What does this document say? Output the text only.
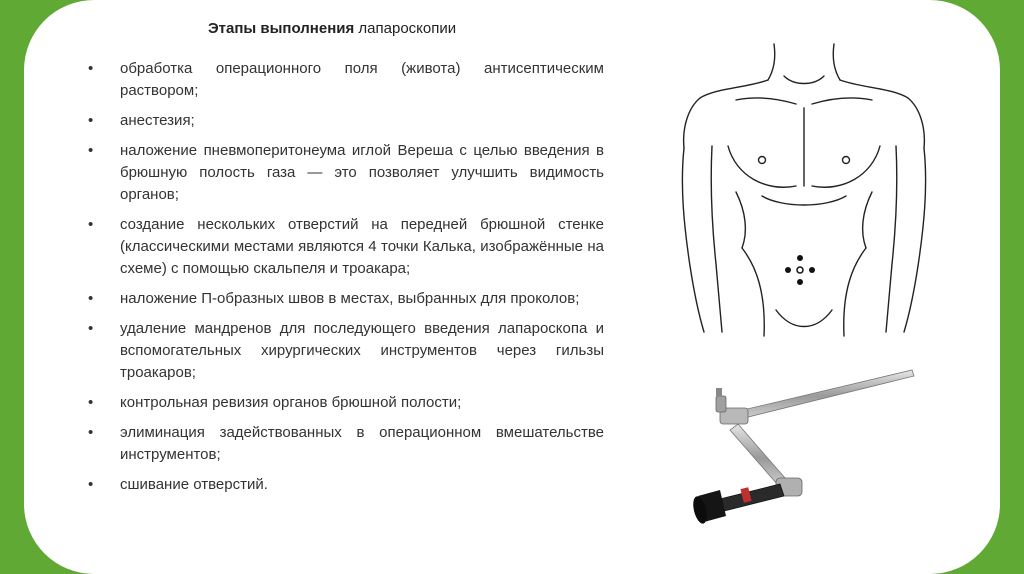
Этапы выполнения лапароскопии
•	обработка операционного поля (живота) антисептическим раствором;
•	анестезия;
•	наложение пневмоперитонеума иглой Вереша с целью введения в брюшную полость газа — это позволяет улучшить видимость органов;
•	создание нескольких отверстий на передней брюшной стенке (классическими местами являются 4 точки Калька, изображённые на схеме) с помощью скальпеля и троакара;
•	наложение П-образных швов в местах, выбранных для проколов;
•	удаление мандренов для последующего введения лапароскопа и вспомогательных хирургических инструментов через гильзы троакаров;
•	контрольная ревизия органов брюшной полости;
•	элиминация задействованных в операционном вмешательстве инструментов;
•	сшивание отверстий.
